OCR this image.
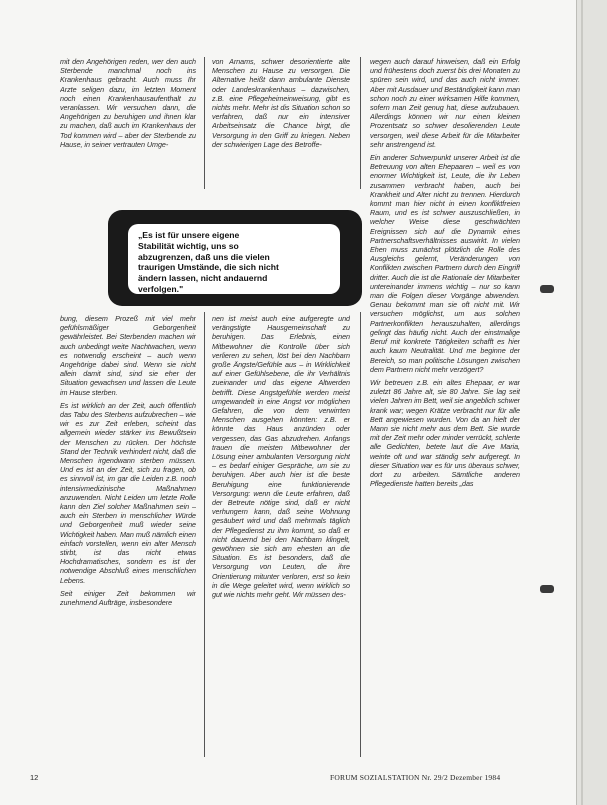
mit den Angehörigen reden, wer den auch Sterbende manchmal noch ins Krankenhaus gebracht. Auch muss Ihr Arzte seligen dazu, im letzten Moment noch einen Krankenhausaufenthalt zu veranlassen. Wir versuchen dann, die Angehörigen zu beruhigen und ihnen klar zu machen, daß auch im Krankenhaus der Tod kommen wird – aber der Sterbende zu Hause, in seiner vertrauten Umge-

von Arnams, schwer desorientierte alte Menschen zu Hause zu versorgen. Die Alternative heißt dann ambulante Dienste oder Landeskrankenhaus – dazwischen, z.B. eine Pflegeheimeinweisung, gibt es nichts mehr. Mehr ist dis Situation schon so verfahren, daß nur ein intensiver Arbeitseinsatz die Chance birgt, die Versorgung in den Griff zu kriegen. Neben der schwierigen Lage des Betroffe-

wegen auch darauf hinweisen, daß ein Erfolg und frühestens doch zuerst bis drei Monaten zu spüren sein wird, und das auch nicht immer. Aber mit Ausdauer und Beständigkeit kann man schon noch zu einer wirksamen Hilfe kommen, sofern man Zeit genug hat, diese aufzubauen. Allerdings können wir nur einen kleinen Prozentsatz so schwer desolierenden Leute versorgen, weil diese Arbeit für die Mitarbeiter sehr anstrengend ist.

Ein anderer Schwerpunkt unserer Arbeit ist die Betreuung von alten Ehepaaren – weil es von enormer Wichtigkeit ist, Leute, die ihr Leben zusammen verbracht haben, auch bei Krankheit und Alter nicht zu trennen. Hierdurch kommt man hier nicht in einen konfliktfreien Raum, und es ist schwer auszuschließen, in welcher Weise diese geschwächten Ereignissen sich auf die Dynamik eines Partnerschaftsverhältnisses auswirkt. In vielen Ehen muss zunächst plötzlich die Rolle des Ausgleichs gelernt, Veränderungen von Konflikten zwischen Partnern durch den Eingriff dritter. Auch die ist die Rationale der Mitarbeiter untereinander immens wichtig – nur so kann man die Folgen dieser Vorgänge abwenden. Genau bekommt man sie oft nicht mit. Wir versuchen möglichst, um aus solchen Partnerkonflikten herauszuhalten, allerdings gelingt das häufig nicht. Auch der einstmalige Beruf mit konkrete Tätigkeiten schafft es hier auch kaum Neutralität. Und me beginne der Bereich, so man politische Lösungen zwischen dem Partnern nicht mehr verzögert?

Wir betreuen z.B. ein altes Ehepaar, er war zuletzt 86 Jahre alt, sie 80 Jahre. Sie lag seit vielen Jahren im Bett, weil sie angeblich schwer krank war; wegen Krätze verbracht nur für alle Bett angewiesen wurden. Von da an hielt der Mann sie nicht mehr aus dem Bett. Sie wurde mit der Zeit mehr oder minder verrückt, schlerte alle Gedichten, betete laut die Ave Maria, weinte oft und war ständig sehr aufgeregt. In dieser Situation war es für uns überaus schwer, dort zu arbeiten. Sämtliche anderen Pflegedienste hatten bereits „das

„Es ist für unsere eigene
Stabilität wichtig, uns so
abzugrenzen, daß uns die vielen
traurigen Umstände, die sich nicht
ändern lassen, nicht andauernd
verfolgen."

bung, diesem Prozeß mit viel mehr gefühlsmäßiger Geborgenheit gewährleistet. Bei Sterbenden machen wir auch unbedingt weite Nachtwachen, wenn es notwendig erscheint – auch wenn Angehörige dabei sind. Wenn sie nicht allein damit sind, sind sie eher der Situation gewachsen und lassen die Leute im Hause sterben.

Es ist wirklich an der Zeit, auch öffentlich das Tabu des Sterbens aufzubrechen – wie wir es zur Zeit erleben, scheint das allgemein wieder stärker ins Bewußtsein der Menschen zu rücken. Der höchste Stand der Technik verhindert nicht, daß die Menschen irgendwann sterben müssen. Und es ist an der Zeit, sich zu fragen, ob es sinnvoll ist, im gar die Leiden z.B. noch intensivmedizinische Maßnahmen anzuwenden. Nicht Leiden um letzte Rolle kann den Ziel solcher Maßnahmen sein – auch ein Sterben in menschlicher Würde und Geborgenheit muß wieder seine Wichtigkeit haben. Man muß nämlich einen einfach vorstellen, wenn ein alter Mensch stirbt, ist das nicht etwas Hochdramatisches, sondern es ist der notwendige Abschluß eines menschlichen Lebens.

Seit einiger Zeit bekommen wir zunehmend Aufträge, insbesondere

nen ist meist auch eine aufgeregte und verängstigte Hausgemeinschaft zu beruhigen. Das Erlebnis, einen Mitbewohner die Kontrolle über sich verlieren zu sehen, löst bei den Nachbarn große Ängste/Gefühle aus – in Wirklichkeit auf einer Gefühlsebene, die ihr Verhältnis zueinander und das eigene Altwerden betrifft. Diese Angstgefühle werden meist umgewandelt in eine Angst vor möglichen Gefahren, die von dem verwirrten Menschen ausgehen könnten: z.B. er könnte das Haus anzünden oder vergessen, das Gas abzudrehen. Anfangs trauen die meisten Mitbewohner der Lösung einer ambulanten Versorgung nicht – es bedarf einiger Gespräche, um sie zu beruhigen. Aber auch hier ist die beste Beruhigung eine funktionierende Versorgung: wenn die Leute erfahren, daß der Betreute nötige sind, daß er nicht verhungern kann, daß seine Wohnung gesäubert wird und daß mehrmals täglich der Pflegedienst zu ihm kommt, so daß er nicht dauernd bei den Nachbarn klingelt, gewöhnen sie sich am ehesten an die Situation. Es ist besonders, daß die Versorgung von Leuten, die ihre Orientierung mitunter verloren, erst so kein in die Wege geleitet wird, wenn wirklich so gut wie nichts mehr geht. Wir müssen des-

12	FORUM SOZIALSTATION Nr. 29/2 Dezember 1984
